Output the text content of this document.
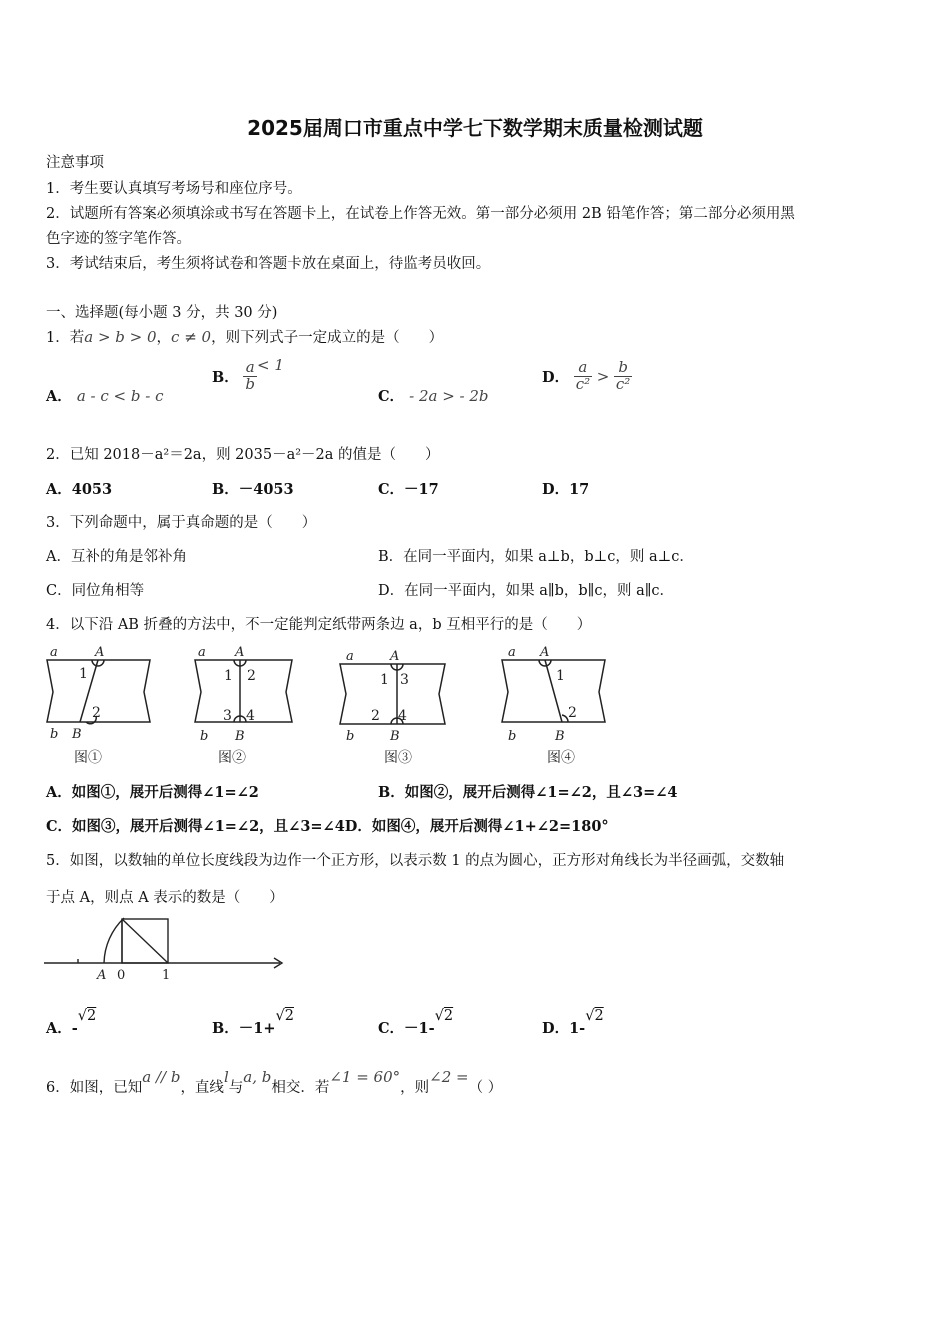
2025届周口市重点中学七下数学期末质量检测试题
注意事项
1．考生要认真填写考场号和座位序号。
2．试题所有答案必须填涂或书写在答题卡上，在试卷上作答无效。第一部分必须用 2B 铅笔作答；第二部分必须用黑
色字迹的签字笔作答。
3．考试结束后，考生须将试卷和答题卡放在桌面上，待监考员收回。
一、选择题(每小题 3 分，共 30 分)
1．若a > b > 0，c ≠ 0，则下列式子一定成立的是（　　）
A． a - c < b - c
B． $\frac{a}{b} < 1$
C． - 2a > - 2b
D． $\frac{a}{\text{c²}} > \frac{b}{\text{c²}}$
2．已知 2018－a²＝2a，则 2035－a²－2a 的值是（　　）
A．4053	B．－4053	C．－17	D．17
3．下列命题中，属于真命题的是（　　）
A．互补的角是邻补角	B．在同一平面内，如果 a⊥b，b⊥c，则 a⊥c．
C．同位角相等	D．在同一平面内，如果 a∥b，b∥c，则 a∥c．
4．以下沿 AB 折叠的方法中，不一定能判定纸带两条边 a，b 互相平行的是（　　）
a	A
b B
a A
b B
a	A
b	B
a A
b	B
1
2
1 2
3 4
1 3
2 4
1
2
图①	图②	图③	图④
A．如图①，展开后测得∠1=∠2	B．如图②，展开后测得∠1=∠2，且∠3=∠4
C．如图③，展开后测得∠1=∠2，且∠3=∠4D．如图④，展开后测得∠1+∠2=180°
5．如图，以数轴的单位长度线段为边作一个正方形，以表示数 1 的点为圆心，正方形对角线长为半径画弧，交数轴
于点 A，则点 A 表示的数是（　　）
A 0	1
A．-√2
B．－1+√2
C．－1-√2
D．1-√2
6．如图，已知a // b，直线l与a, b相交．若∠1 = 60°，则∠2 =（ ）
